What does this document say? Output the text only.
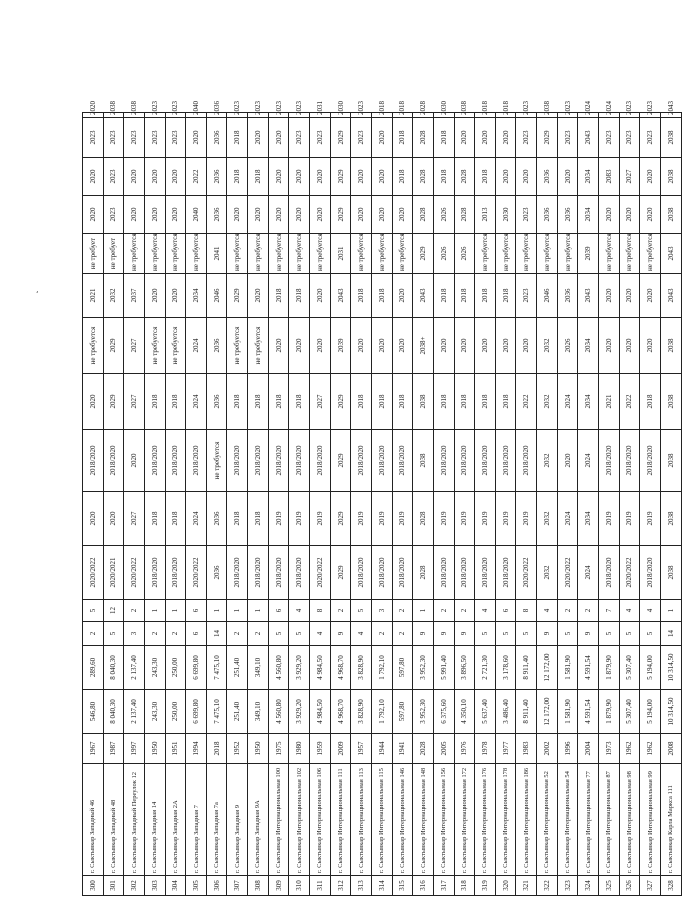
‘
300	г. Сыктывкар Западный 46	1967	546,80	289,60	2	5	2020/2022	2020	2018/2020	2020	не требуется	2021	не требует	2020	2020	2023	2020
301	г. Сыктывкар Западный 48	1987	8 040,30	8 040,30	5	12	2020/2021	2020	2018/2020	2029	2029	2032	не требует	2023	2023	2023	2038
302	г. Сыктывкар Западный Переулок 12	1997	2 137,40	2 137,40	3	2	2020/2022	2027	2020	2027	2027	2037	не требуется	2020	2020	2023	2038
303	г. Сыктывкар Западная 14	1950	243,30	243,30	2	1	2018/2020	2018	2018/2020	2018	не требуется	2020	не требуется	2020	2020	2023	2023
304	г. Сыктывкар Западная 2А	1951	250,00	250,00	2	1	2018/2020	2018	2018/2020	2018	не требуется	2020	не требуется	2020	2020	2023	2023
305	г. Сыктывкар Западная 7	1994	6 699,80	6 699,80	6	6	2020/2022	2024	2018/2020	2024	2024	2034	не требуется	2040	2022	2020	2040
306	г. Сыктывкар Западная 7а	2018	7 475,10	7 475,10	14	1	2036	2036	не требуется	2036	2036	2046	2041	2036	2036	2036	2036
307	г. Сыктывкар Западная 9	1952	251,40	251,40	2	1	2018/2020	2018	2018/2020	2018	не требуется	2029	не требуется	2020	2018	2018	2023
308	г. Сыктывкар Западная 9А	1950	349,10	349,10	2	1	2018/2020	2018	2018/2020	2018	не требуется	2020	не требуется	2020	2018	2020	2023
309	г. Сыктывкар Интернациональная 100	1975	4 560,80	4 560,80	5	6	2018/2020	2019	2018/2020	2018	2020	2018	не требуется	2020	2020	2020	2023
310	г. Сыктывкар Интернациональная 102	1980	3 929,20	3 929,20	5	4	2018/2020	2019	2018/2020	2018	2020	2018	не требуется	2020	2020	2023	2023
311	г. Сыктывкар Интернациональная 106	1959	4 984,50	4 984,50	4	8	2020/2022	2019	2018/2020	2027	2020	2020	не требуется	2020	2020	2023	2031
312	г. Сыктывкар Интернациональная 111	2009	4 968,70	4 968,70	9	2	2029	2029	2029	2029	2039	2043	2031	2029	2029	2029	2030
313	г. Сыктывкар Интернациональная 113	1957	3 828,90	3 828,90	4	5	2018/2020	2019	2018/2020	2018	2020	2018	не требуется	2020	2020	2023	2023
314	г. Сыктывкар Интернациональная 115	1944	1 792,10	1 792,10	2	3	2018/2020	2019	2018/2020	2018	2020	2018	не требуется	2020	2020	2020	2018
315	г. Сыктывкар Интернациональная 146	1941	597,80	597,80	2	2	2018/2020	2019	2018/2020	2018	2020	2020	не требуется	2020	2018	2018	2018
316	г. Сыктывкар Интернациональная 148	2028	3 952,30	3 952,30	9	1	2028	2028	2038	2038	2038+	2043	2029	2028	2028	2028	2028
317	г. Сыктывкар Интернациональная 156	2005	6 375,60	5 991,40	9	2	2018/2020	2019	2018/2020	2018	2020	2018	2026	2026	2018	2018	2030
318	г. Сыктывкар Интернациональная 172	1976	4 350,10	3 896,50	9	2	2018/2020	2019	2018/2020	2018	2020	2018	2026	2028	2028	2020	2038
319	г. Сыктывкар Интернациональная 176	1978	5 637,40	2 721,30	5	4	2018/2020	2019	2018/2020	2018	2020	2018	не требуется	2013	2018	2020	2018
320	г. Сыктывкар Интернациональная 178	1977	3 486,40	3 178,60	5	6	2018/2020	2019	2018/2020	2018	2020	2018	не требуется	2030	2020	2020	2018
321	г. Сыктывкар Интернациональная 186	1983	8 911,40	8 911,40	5	8	2020/2022	2019	2018/2020	2022	2020	2023	не требуется	2023	2020	2023	2023
322	г. Сыктывкар Интернациональная 52	2002	12 172,00	12 172,00	9	4	2032	2032	2032	2032	2032	2046	не требуется	2036	2036	2029	2038
323	г. Сыктывкар Интернациональная 54	1996	1 581,90	1 581,90	5	2	2020/2022	2024	2020	2024	2026	2036	не требуется	2036	2020	2023	2023
324	г. Сыктывкар Интернациональная 77	2004	4 591,54	4 591,54	9	2	2024	2034	2024	2034	2034	2043	2039	2034	2034	2043	2024
325	г. Сыктывкар Интернациональная 87	1973	1 879,90	1 879,90	5	7	2018/2020	2019	2018/2020	2021	2020	2020	не требуется	2020	2083	2023	2024
326	г. Сыктывкар Интернациональная 98	1962	5 307,40	5 307,40	5	4	2020/2022	2019	2018/2020	2022	2020	2020	не требуется	2020	2027	2023	2023
327	г. Сыктывкар Интернациональная 99	1962	5 194,00	5 194,00	5	4	2018/2020	2019	2018/2020	2018	2020	2020	не требуется	2020	2020	2023	2023
328	г. Сыктывкар Карла Маркса 111	2008	10 314,50	10 314,50	14	1	2038	2038	2038	2038	2038	2043	2043	2038	2038	2038	2043
